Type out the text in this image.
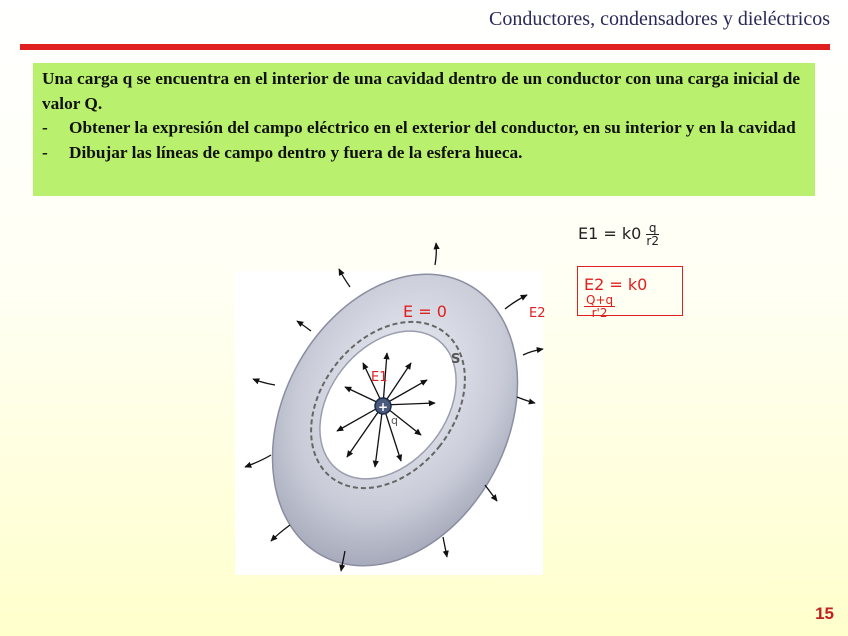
Conductores, condensadores y dieléctricos

Una carga q se encuentra en el interior de una cavidad dentro de un conductor con una carga inicial de valor Q.

-	Obtener la expresión del campo eléctrico en el exterior del conductor, en su interior y en la cavidad
-	Dibujar las líneas de campo dentro y fuera de la esfera hueca.
+
q
S
E = 0	E2
E1
$E1 = k0 \frac{q}{r2}$
E2 = k0
$\frac{Q+q}{r'2}$
15
